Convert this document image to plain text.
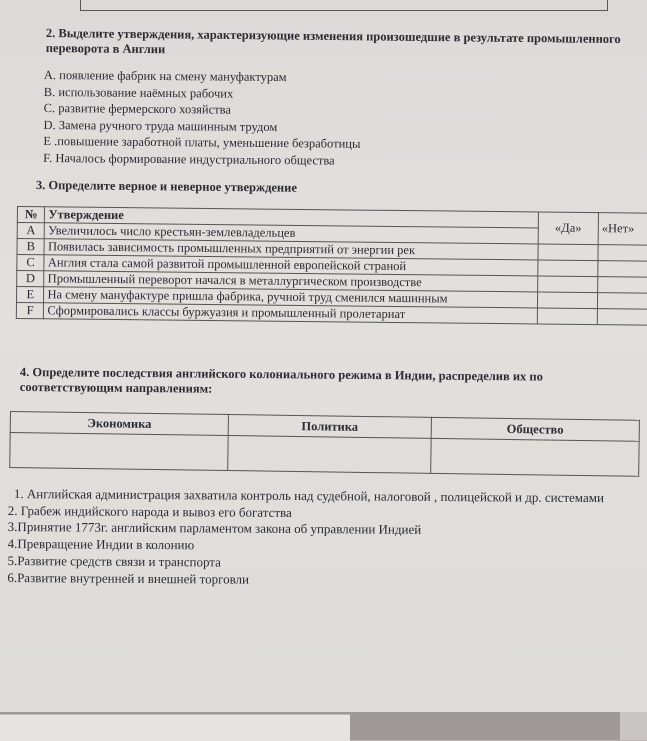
2. Выделите утверждения, характеризующие изменения произошедшие в результате промышленного переворота в Англии
A. появление фабрик на смену мануфактурам
B. использование наёмных рабочих
C. развитие фермерского хозяйства
D. Замена ручного труда машинным трудом
E .повышение заработной платы, уменьшение безработицы
F. Началось формирование индустриального общества
3. Определите верное и неверное утверждение
№	Утверждение	«Да»	«Нет»
A	Увеличилось число крестьян-землевладельцев		
B	Появилась зависимость промышленных предприятий от энергии рек		
C	Англия стала самой развитой промышленной европейской страной		
D	Промышленный переворот начался в металлургическом производстве		
E	На смену мануфактуре пришла фабрика, ручной труд сменился машинным		
F	Сформировались классы буржуазия и промышленный пролетариат		
4. Определите последствия английского колониального режима в Индии, распределив их по соответствующим направлениям:
Экономика	Политика	Общество

1. Английская администрация захватила контроль над судебной, налоговой , полицейской и др. системами
2. Грабеж индийского народа и вывоз его богатства
3.Принятие 1773г. английским парламентом закона об управлении Индией
4.Превращение Индии в колонию
5.Развитие средств связи и транспорта
6.Развитие внутренней и внешней торговли
